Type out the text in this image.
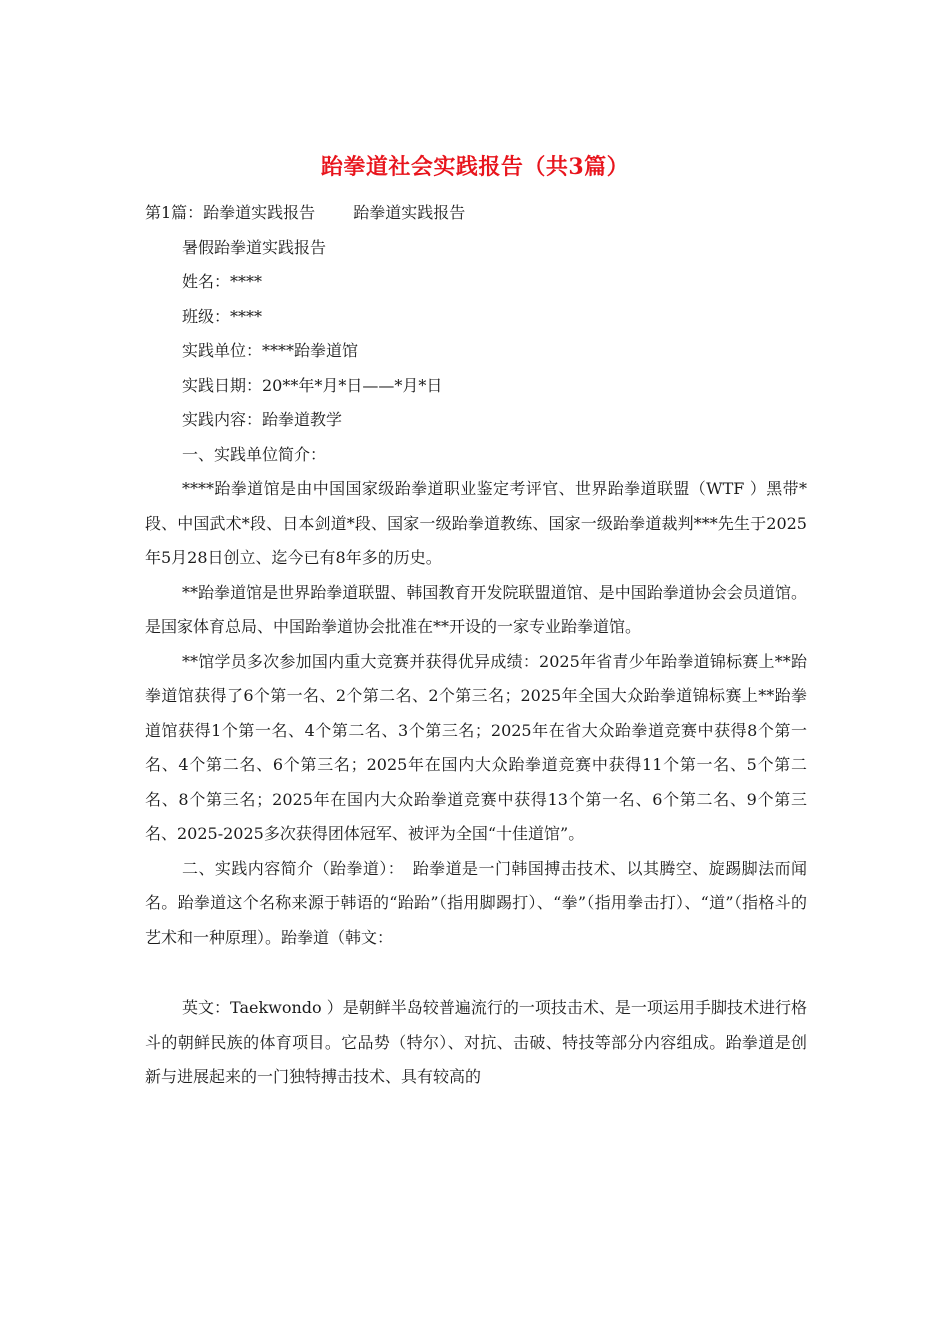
跆拳道社会实践报告（共3篇）

第1篇：跆拳道实践报告 跆拳道实践报告

暑假跆拳道实践报告

姓名：****

班级：****

实践单位：****跆拳道馆

实践日期：20**年*月*日——*月*日

实践内容：跆拳道教学

一、实践单位简介：

****跆拳道馆是由中国国家级跆拳道职业鉴定考评官、世界跆拳道联盟（WTF ）黑带*段、中国武术*段、日本剑道*段、国家一级跆拳道教练、国家一级跆拳道裁判***先生于2025年5月28日创立、迄今已有8年多的历史。

**跆拳道馆是世界跆拳道联盟、韩国教育开发院联盟道馆、是中国跆拳道协会会员道馆。是国家体育总局、中国跆拳道协会批准在**开设的一家专业跆拳道馆。

**馆学员多次参加国内重大竞赛并获得优异成绩：2025年省青少年跆拳道锦标赛上**跆拳道馆获得了6个第一名、2个第二名、2个第三名；2025年全国大众跆拳道锦标赛上**跆拳道馆获得1个第一名、4个第二名、3个第三名；2025年在省大众跆拳道竞赛中获得8个第一名、4个第二名、6个第三名；2025年在国内大众跆拳道竞赛中获得11个第一名、5个第二名、8个第三名；2025年在国内大众跆拳道竞赛中获得13个第一名、6个第二名、9个第三名、2025-2025多次获得团体冠军、被评为全国“十佳道馆”。

二、实践内容简介（跆拳道）：　跆拳道是一门韩国搏击技术、以其腾空、旋踢脚法而闻名。跆拳道这个名称来源于韩语的“跆跆”（指用脚踢打）、“拳”（指用拳击打）、“道”（指格斗的艺术和一种原理）。跆拳道（韩文：

英文：Taekwondo ）是朝鲜半岛较普遍流行的一项技击术、是一项运用手脚技术进行格斗的朝鲜民族的体育项目。它品势（特尔）、对抗、击破、特技等部分内容组成。跆拳道是创新与进展起来的一门独特搏击技术、具有较高的
